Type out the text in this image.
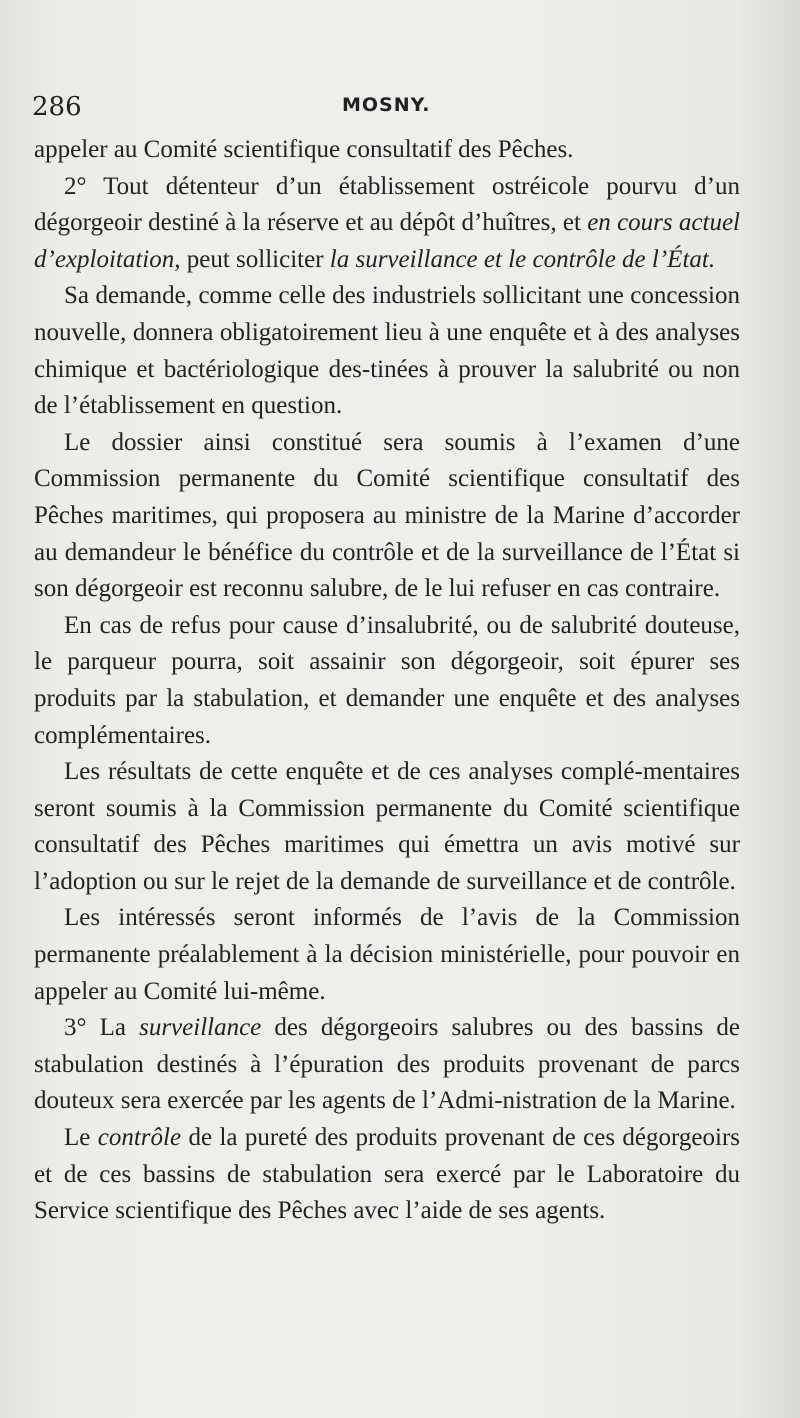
286	MOSNY.

appeler au Comité scientifique consultatif des Pêches.

2° Tout détenteur d’un établissement ostréicole pourvu d’un dégorgeoir destiné à la réserve et au dépôt d’huîtres, et en cours actuel d’exploitation, peut solliciter la surveillance et le contrôle de l’État.

Sa demande, comme celle des industriels sollicitant une concession nouvelle, donnera obligatoirement lieu à une enquête et à des analyses chimique et bactériologique des-tinées à prouver la salubrité ou non de l’établissement en question.

Le dossier ainsi constitué sera soumis à l’examen d’une Commission permanente du Comité scientifique consultatif des Pêches maritimes, qui proposera au ministre de la Marine d’accorder au demandeur le bénéfice du contrôle et de la surveillance de l’État si son dégorgeoir est reconnu salubre, de le lui refuser en cas contraire.

En cas de refus pour cause d’insalubrité, ou de salubrité douteuse, le parqueur pourra, soit assainir son dégorgeoir, soit épurer ses produits par la stabulation, et demander une enquête et des analyses complémentaires.

Les résultats de cette enquête et de ces analyses complé-mentaires seront soumis à la Commission permanente du Comité scientifique consultatif des Pêches maritimes qui émettra un avis motivé sur l’adoption ou sur le rejet de la demande de surveillance et de contrôle.

Les intéressés seront informés de l’avis de la Commission permanente préalablement à la décision ministérielle, pour pouvoir en appeler au Comité lui-même.

3° La surveillance des dégorgeoirs salubres ou des bassins de stabulation destinés à l’épuration des produits provenant de parcs douteux sera exercée par les agents de l’Admi-nistration de la Marine.

Le contrôle de la pureté des produits provenant de ces dégorgeoirs et de ces bassins de stabulation sera exercé par le Laboratoire du Service scientifique des Pêches avec l’aide de ses agents.
